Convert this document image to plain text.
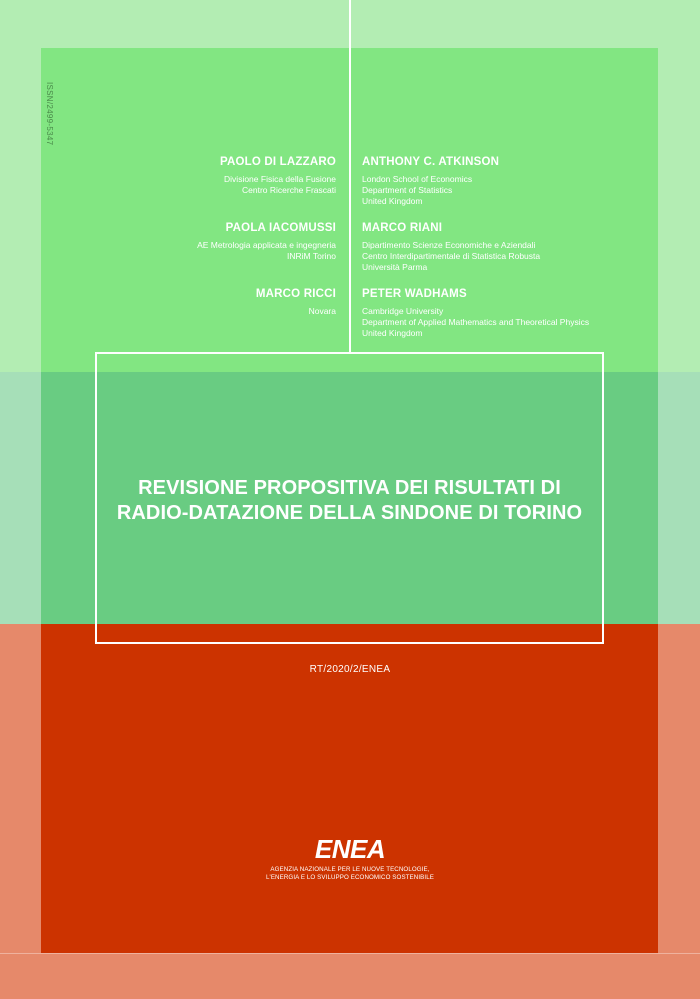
ISSN/2499-5347
PAOLO DI LAZZARO
Divisione Fisica della Fusione
Centro Ricerche Frascati
PAOLA IACOMUSSI
AE Metrologia applicata e ingegneria
INRiM Torino
MARCO RICCI
Novara
ANTHONY C. ATKINSON
London School of Economics
Department of Statistics
United Kingdom
MARCO RIANI
Dipartimento Scienze Economiche e Aziendali
Centro Interdipartimentale di Statistica Robusta
Università Parma
PETER WADHAMS
Cambridge University
Department of Applied Mathematics and Theoretical Physics
United Kingdom
REVISIONE PROPOSITIVA DEI RISULTATI DI
RADIO-DATAZIONE DELLA SINDONE DI TORINO
RT/2020/2/ENEA
ENEA
AGENZIA NAZIONALE PER LE NUOVE TECNOLOGIE,
L'ENERGIA E LO SVILUPPO ECONOMICO SOSTENIBILE
